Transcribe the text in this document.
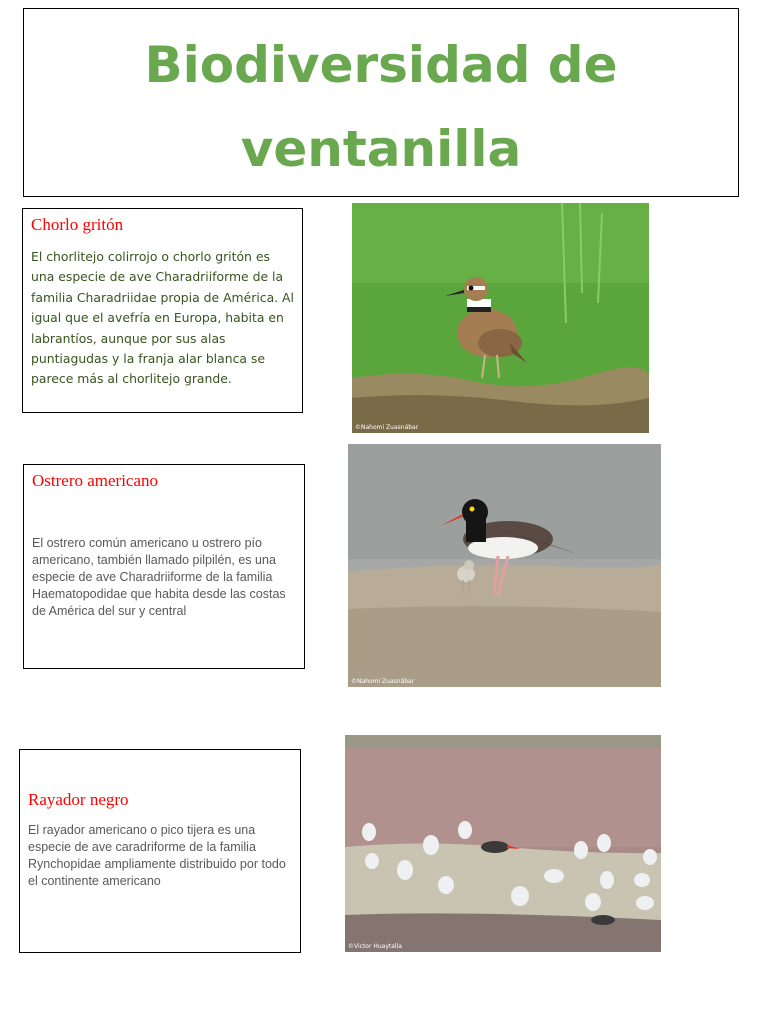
Biodiversidad de ventanilla
Chorlo gritón
El chorlitejo colirrojo o chorlo gritón es una especie de ave Charadriiforme de la familia Charadriidae propia de América. Al igual que el avefría en Europa, habita en labrantíos, aunque por sus alas puntiagudas y la franja alar blanca se parece más al chorlitejo grande.
©Nahomi Zuasnábar
Ostrero americano
El ostrero común americano u ostrero pío americano, también llamado pilpilén, es una especie de ave Charadriiforme de la familia Haematopodidae que habita desde las costas de América del sur y central
©Nahomi Zuasnábar
Rayador negro
El rayador americano o pico tijera es una especie de ave caradriforme de la familia Rynchopidae ampliamente distribuido por todo el continente americano
©Victor Huaytalla
